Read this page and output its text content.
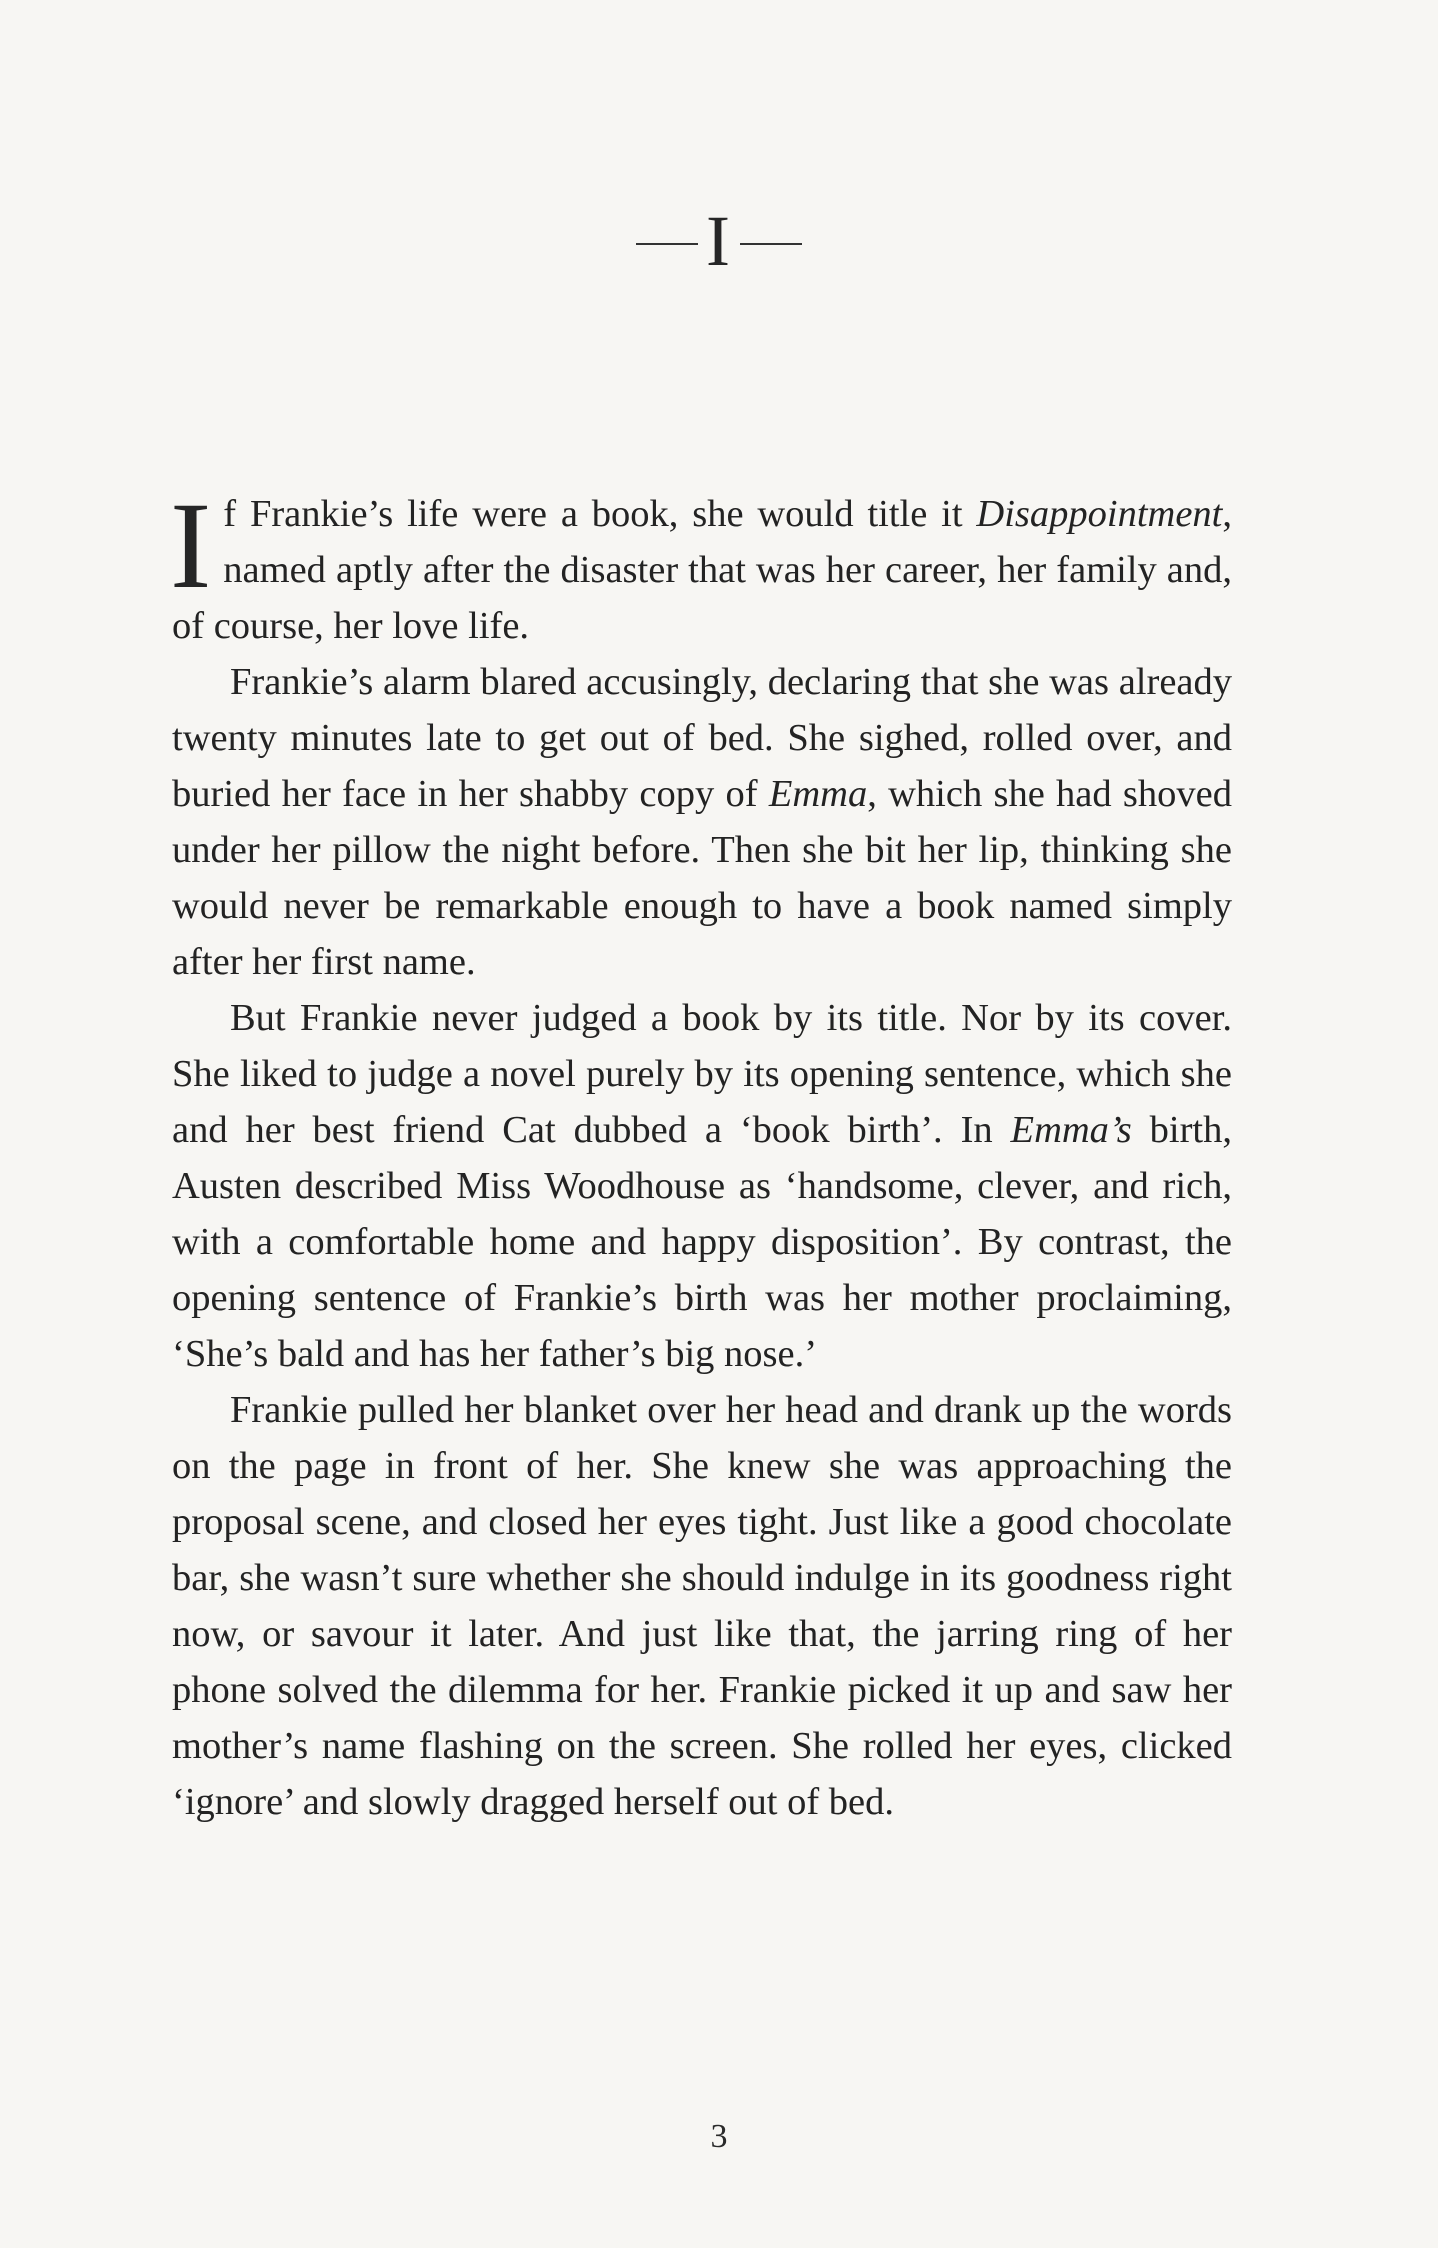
I

If Frankie’s life were a book, she would title it Disappointment, named aptly after the disaster that was her career, her family and, of course, her love life.

Frankie’s alarm blared accusingly, declaring that she was already twenty minutes late to get out of bed. She sighed, rolled over, and buried her face in her shabby copy of Emma, which she had shoved under her pillow the night before. Then she bit her lip, thinking she would never be remarkable enough to have a book named simply after her first name.

But Frankie never judged a book by its title. Nor by its cover. She liked to judge a novel purely by its opening sentence, which she and her best friend Cat dubbed a ‘book birth’. In Emma’s birth, Austen described Miss Woodhouse as ‘handsome, clever, and rich, with a comfortable home and happy disposition’. By contrast, the opening sentence of Frankie’s birth was her mother proclaiming, ‘She’s bald and has her father’s big nose.’

Frankie pulled her blanket over her head and drank up the words on the page in front of her. She knew she was approaching the proposal scene, and closed her eyes tight. Just like a good chocolate bar, she wasn’t sure whether she should indulge in its goodness right now, or savour it later. And just like that, the jarring ring of her phone solved the dilemma for her. Frankie picked it up and saw her mother’s name flashing on the screen. She rolled her eyes, clicked ‘ignore’ and slowly dragged herself out of bed.

3
